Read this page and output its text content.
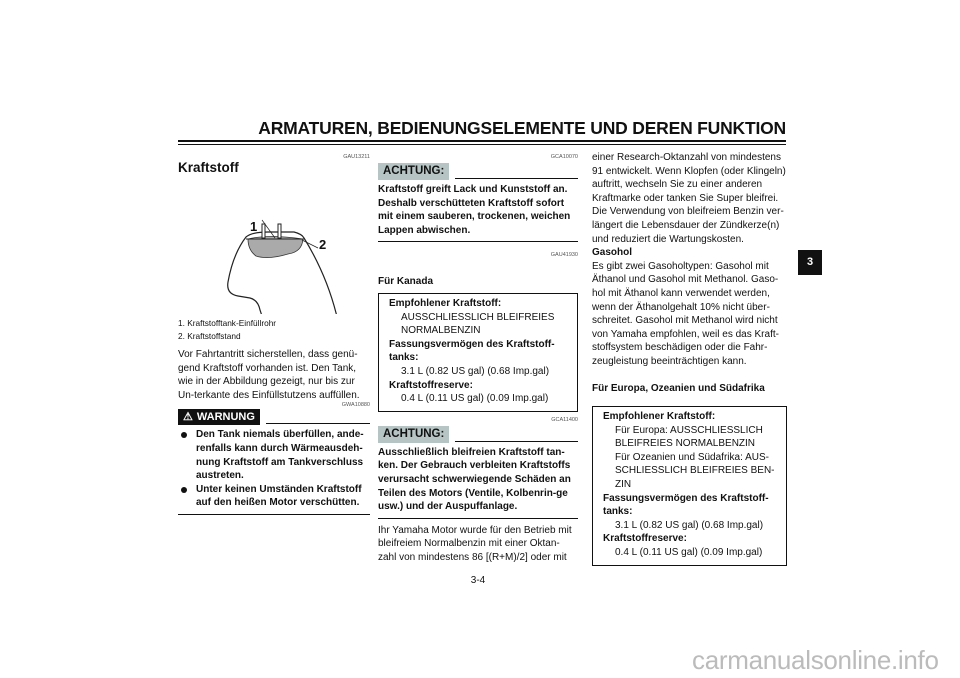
ARMATUREN, BEDIENUNGSELEMENTE UND DEREN FUNKTION
3
GAU13211
Kraftstoff
1
2
1. Kraftstofftank-Einfüllrohr
2. Kraftstoffstand

Vor Fahrtantritt sicherstellen, dass genü-gend Kraftstoff vorhanden ist. Den Tank, wie in der Abbildung gezeigt, nur bis zur Un-terkante des Einfüllstutzens auffüllen.

GWA10880
⚠ WARNUNG
Den Tank niemals überfüllen, ande-renfalls kann durch Wärmeausdeh-nung Kraftstoff am Tankverschluss austreten.
Unter keinen Umständen Kraftstoff auf den heißen Motor verschütten.
GCA10070
ACHTUNG:

Kraftstoff greift Lack und Kunststoff an. Deshalb verschütteten Kraftstoff sofort mit einem sauberen, trockenen, weichen Lappen abwischen.

GAU41930
Für Kanada
Empfohlener Kraftstoff:
AUSSCHLIESSLICH BLEIFREIES NORMALBENZIN
Fassungsvermögen des Kraftstoff-tanks:
3.1 L (0.82 US gal) (0.68 Imp.gal)
Kraftstoffreserve:
0.4 L (0.11 US gal) (0.09 Imp.gal)
GCA11400
ACHTUNG:

Ausschließlich bleifreien Kraftstoff tan-ken. Der Gebrauch verbleiten Kraftstoffs verursacht schwerwiegende Schäden an Teilen des Motors (Ventile, Kolbenrin-ge usw.) und der Auspuffanlage.

Ihr Yamaha Motor wurde für den Betrieb mit bleifreiem Normalbenzin mit einer Oktan-zahl von mindestens 86 [(R+M)/2] oder mit

3-4

einer Research-Oktanzahl von mindestens 91 entwickelt. Wenn Klopfen (oder Klingeln) auftritt, wechseln Sie zu einer anderen Kraftmarke oder tanken Sie Super bleifrei. Die Verwendung von bleifreiem Benzin ver-längert die Lebensdauer der Zündkerze(n) und reduziert die Wartungskosten.

Gasohol

Es gibt zwei Gasoholtypen: Gasohol mit Äthanol und Gasohol mit Methanol. Gaso-hol mit Äthanol kann verwendet werden, wenn der Äthanolgehalt 10% nicht über-schreitet. Gasohol mit Methanol wird nicht von Yamaha empfohlen, weil es das Kraft-stoffsystem beschädigen oder die Fahr-zeugleistung beeinträchtigen kann.

Für Europa, Ozeanien und Südafrika
Empfohlener Kraftstoff:
Für Europa: AUSSCHLIESSLICH BLEIFREIES NORMALBENZIN
Für Ozeanien und Südafrika: AUS-SCHLIESSLICH BLEIFREIES BEN-ZIN
Fassungsvermögen des Kraftstoff-tanks:
3.1 L (0.82 US gal) (0.68 Imp.gal)
Kraftstoffreserve:
0.4 L (0.11 US gal) (0.09 Imp.gal)
carmanualsonline.info
